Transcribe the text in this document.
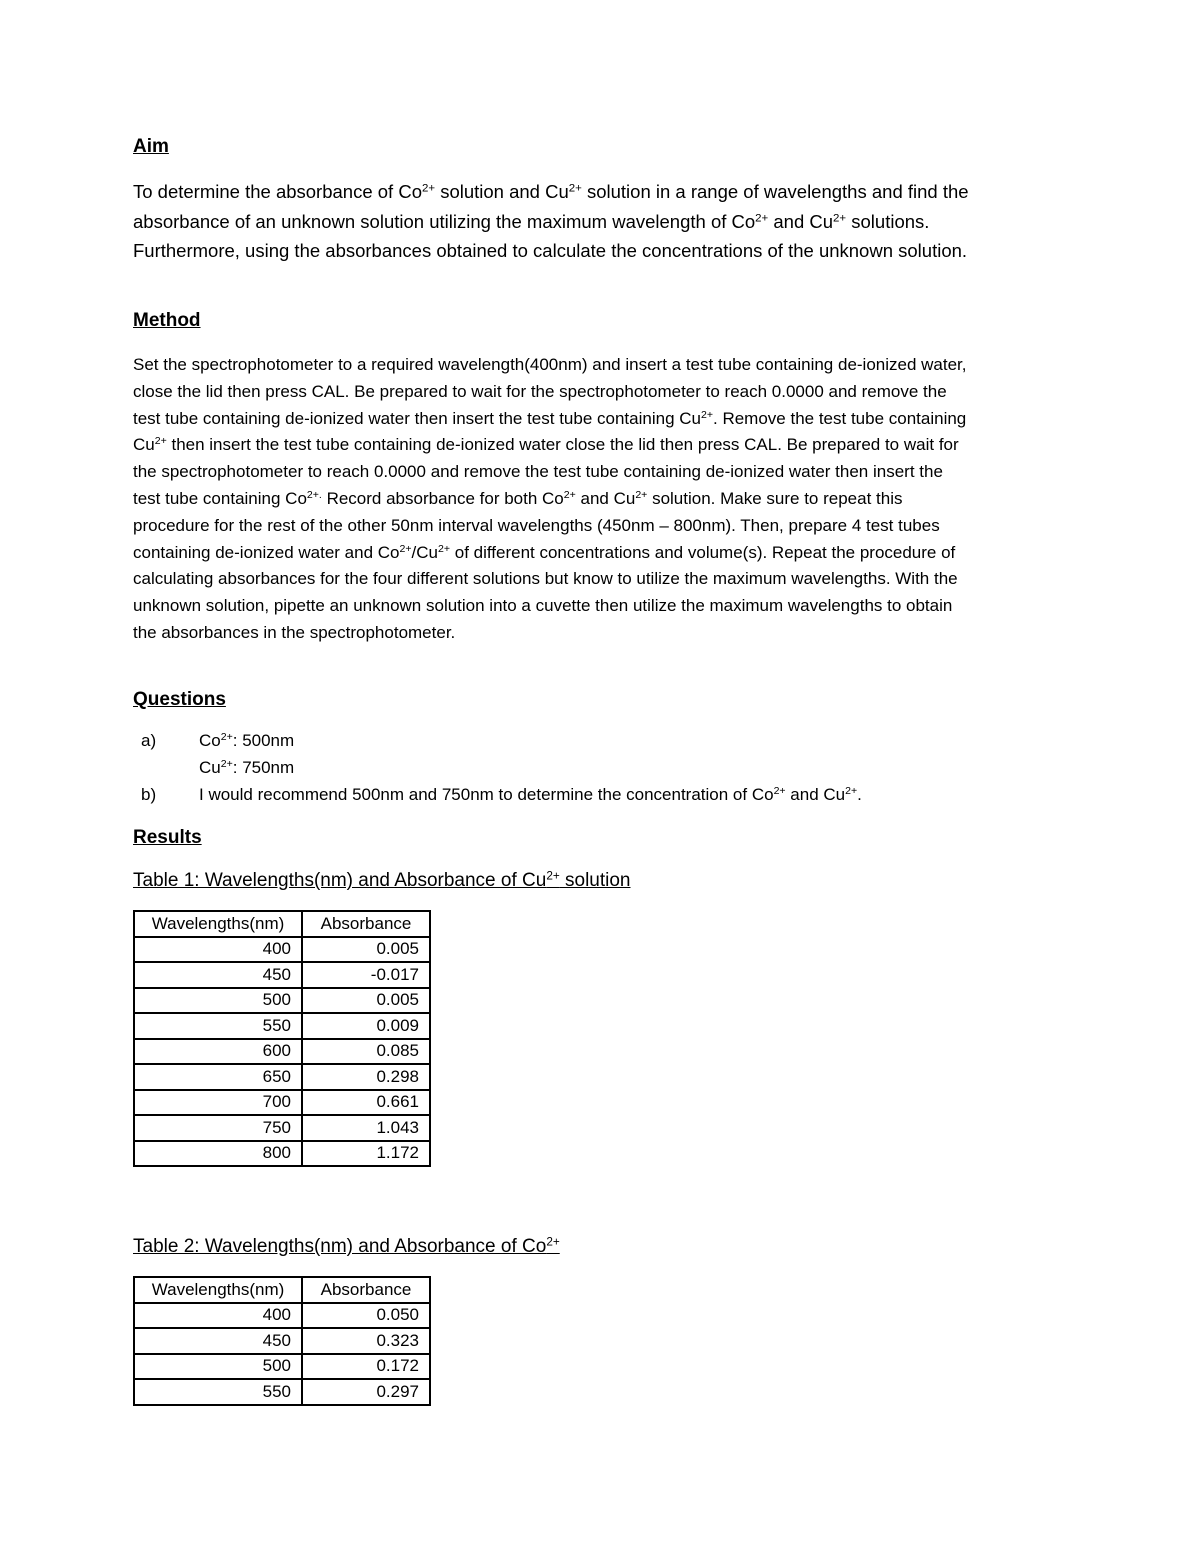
Aim

To determine the absorbance of $Co^{2+}$ solution and $Cu^{2+}$ solution in a range of wavelengths and find the absorbance of an unknown solution utilizing the maximum wavelength of $Co^{2+}$ and $Cu^{2+}$ solutions. Furthermore, using the absorbances obtained to calculate the concentrations of the unknown solution.

Method

Set the spectrophotometer to a required wavelength(400nm) and insert a test tube containing de-ionized water, close the lid then press CAL. Be prepared to wait for the spectrophotometer to reach 0.0000 and remove the test tube containing de-ionized water then insert the test tube containing $Cu^{2+}$. Remove the test tube containing $Cu^{2+}$ then insert the test tube containing de-ionized water close the lid then press CAL. Be prepared to wait for the spectrophotometer to reach 0.0000 and remove the test tube containing de-ionized water then insert the test tube containing $Co^{2+.}$ Record absorbance for both $Co^{2+}$ and $Cu^{2+}$ solution. Make sure to repeat this procedure for the rest of the other 50nm interval wavelengths (450nm – 800nm). Then, prepare 4 test tubes containing de-ionized water and $Co^{2+}/Cu^{2+}$ of different concentrations and volume(s). Repeat the procedure of calculating absorbances for the four different solutions but know to utilize the maximum wavelengths. With the unknown solution, pipette an unknown solution into a cuvette then utilize the maximum wavelengths to obtain the absorbances in the spectrophotometer.

Questions
a)	$Co^{2+}$: 500nm
$Cu^{2+}$: 750nm
b)	I would recommend 500nm and 750nm to determine the concentration of $Co^{2+}$ and $Cu^{2+}$.
Results

Table 1: Wavelengths(nm) and Absorbance of $Cu^{2+}$ solution

Wavelengths(nm)	Absorbance
400	0.005
450	-0.017
500	0.005
550	0.009
600	0.085
650	0.298
700	0.661
750	1.043
800	1.172

Table 2: Wavelengths(nm) and Absorbance of $Co^{2+}$

Wavelengths(nm)	Absorbance
400	0.050
450	0.323
500	0.172
550	0.297
